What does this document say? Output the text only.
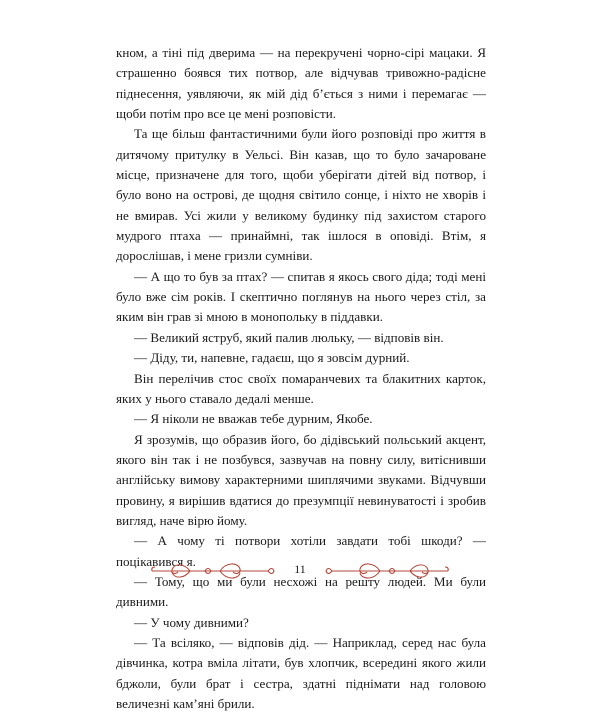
кном, а тіні під дверима — на перекручені чорно-сірі мацаки. Я страшенно боявся тих потвор, але відчував тривожно-радісне піднесення, уявляючи, як мій дід б’ється з ними і перемагає — щоби потім про все це мені розповісти.

Та ще більш фантастичними були його розповіді про життя в дитячому притулку в Уельсі. Він казав, що то було зачароване місце, призначене для того, щоби уберігати дітей від потвор, і було воно на острові, де щодня світило сонце, і ніхто не хворів і не вмирав. Усі жили у великому будинку під захистом старого мудрого птаха — принаймні, так ішлося в оповіді. Втім, я дорослішав, і мене гризли сумніви.

— А що то був за птах? — спитав я якось свого діда; тоді мені було вже сім років. І скептично поглянув на нього через стіл, за яким він грав зі мною в монопольку в піддавки.

— Великий яструб, який палив люльку, — відповів він.

— Діду, ти, напевне, гадаєш, що я зовсім дурний.

Він перелічив стос своїх помаранчевих та блакитних карток, яких у нього ставало дедалі менше.

— Я ніколи не вважав тебе дурним, Якобе.

Я зрозумів, що образив його, бо дідівський польський акцент, якого він так і не позбувся, зазвучав на повну силу, витіснивши англійську вимову характерними шиплячими звуками. Відчувши провину, я вирішив вдатися до презумпції невинуватості і зробив вигляд, наче вірю йому.

— А чому ті потвори хотіли завдати тобі шкоди? — поцікавився я.

— Тому, що ми були несхожі на решту людей. Ми були дивними.

— У чому дивними?

— Та всіляко, — відповів дід. — Наприклад, серед нас була дівчинка, котра вміла літати, був хлопчик, всередині якого жили бджоли, були брат і сестра, здатні піднімати над головою величезні кам’яні брили.

11
